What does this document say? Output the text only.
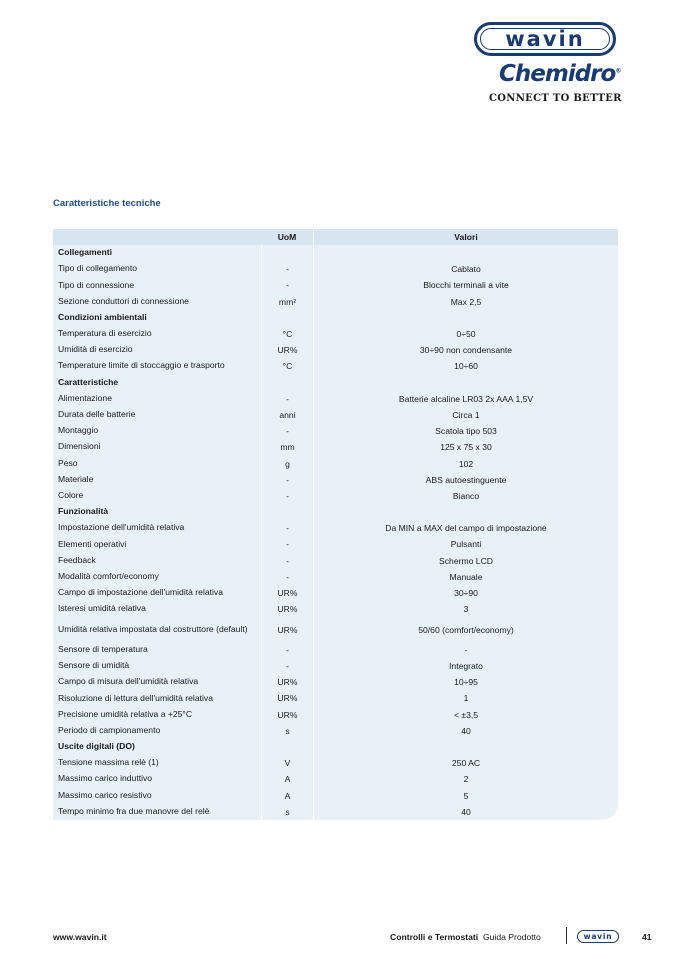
wavin
Chemidro®
CONNECT TO BETTER
Caratteristiche tecniche
UoM	Valori
Collegamenti
Tipo di collegamento	-	Cablato
Tipo di connessione	-	Blocchi terminali a vite
Sezione conduttori di connessione	mm²	Max 2,5
Condizioni ambientali
Temperatura di esercizio	°C	0÷50
Umidità di esercizio	UR%	30÷90 non condensante
Temperature limite di stoccaggio e trasporto	°C	10÷60
Caratteristiche
Alimentazione	-	Batterie alcaline LR03 2x AAA 1,5V
Durata delle batterie	anni	Circa 1
Montaggio	-	Scatola tipo 503
Dimensioni	mm	125 x 75 x 30
Peso	g	102
Materiale	-	ABS autoestinguente
Colore	-	Bianco
Funzionalità
Impostazione dell'umidità relativa	-	Da MIN a MAX del campo di impostazione
Elementi operativi	-	Pulsanti
Feedback	-	Schermo LCD
Modalità comfort/economy	-	Manuale
Campo di impostazione dell'umidità relativa	UR%	30÷90
Isteresi umidità relativa	UR%	3
Umidità relativa impostata dal costruttore (default)	UR%	50/60 (comfort/economy)
Sensore di temperatura	-	-
Sensore di umidità	-	Integrato
Campo di misura dell'umidità relativa	UR%	10÷95
Risoluzione di lettura dell'umidità relativa	UR%	1
Precisione umidità relativa a +25°C	UR%	< ±3,5
Periodo di campionamento	s	40
Uscite digitali (DO)
Tensione massima relè (1)	V	250 AC
Massimo carico induttivo	A	2
Massimo carico resistivo	A	5
Tempo minimo fra due manovre del relè	s	40
www.wavin.it	Controlli e Termostati Guida Prodotto	wavin	41
